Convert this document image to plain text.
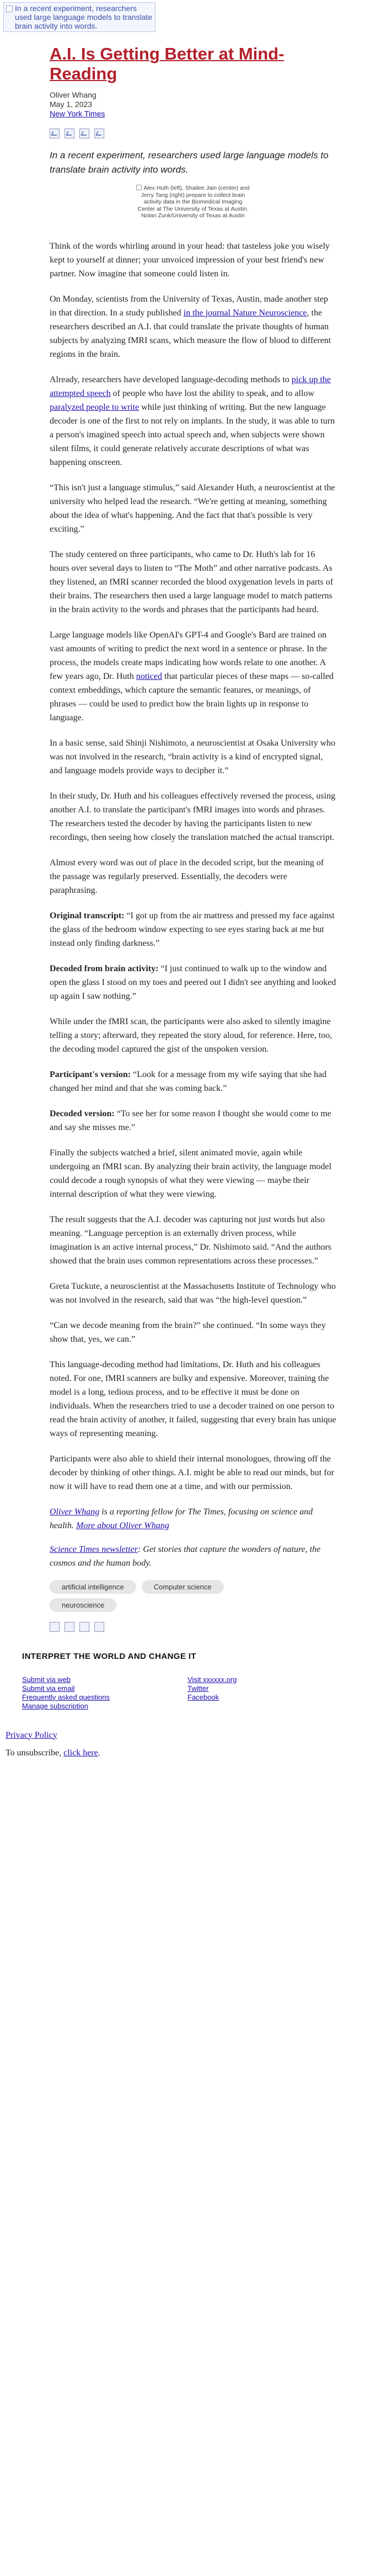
In a recent experiment, researchers used large language models to translate brain activity into words.
A.I. Is Getting Better at Mind-Reading
Oliver Whang
May 1, 2023
New York Times

In a recent experiment, researchers used large language models to translate brain activity into words.

Alex Huth (left), Shailee Jain (center) and Jerry Tang (right) prepare to collect brain activity data in the Biomedical Imaging Center at The University of Texas at Austin. Nolan Zunk/University of Texas at Austin

Think of the words whirling around in your head: that tasteless joke you wisely kept to yourself at dinner; your unvoiced impression of your best friend's new partner. Now imagine that someone could listen in.

On Monday, scientists from the University of Texas, Austin, made another step in that direction. In a study published in the journal Nature Neuroscience, the researchers described an A.I. that could translate the private thoughts of human subjects by analyzing fMRI scans, which measure the flow of blood to different regions in the brain.

Already, researchers have developed language-decoding methods to pick up the attempted speech of people who have lost the ability to speak, and to allow paralyzed people to write while just thinking of writing. But the new language decoder is one of the first to not rely on implants. In the study, it was able to turn a person's imagined speech into actual speech and, when subjects were shown silent films, it could generate relatively accurate descriptions of what was happening onscreen.

“This isn't just a language stimulus,” said Alexander Huth, a neuroscientist at the university who helped lead the research. “We're getting at meaning, something about the idea of what's happening. And the fact that that's possible is very exciting.”

The study centered on three participants, who came to Dr. Huth's lab for 16 hours over several days to listen to “The Moth” and other narrative podcasts. As they listened, an fMRI scanner recorded the blood oxygenation levels in parts of their brains. The researchers then used a large language model to match patterns in the brain activity to the words and phrases that the participants had heard.

Large language models like OpenAI's GPT-4 and Google's Bard are trained on vast amounts of writing to predict the next word in a sentence or phrase. In the process, the models create maps indicating how words relate to one another. A few years ago, Dr. Huth noticed that particular pieces of these maps — so-called context embeddings, which capture the semantic features, or meanings, of phrases — could be used to predict how the brain lights up in response to language.

In a basic sense, said Shinji Nishimoto, a neuroscientist at Osaka University who was not involved in the research, “brain activity is a kind of encrypted signal, and language models provide ways to decipher it.”

In their study, Dr. Huth and his colleagues effectively reversed the process, using another A.I. to translate the participant's fMRI images into words and phrases. The researchers tested the decoder by having the participants listen to new recordings, then seeing how closely the translation matched the actual transcript.

Almost every word was out of place in the decoded script, but the meaning of the passage was regularly preserved. Essentially, the decoders were paraphrasing.

Original transcript: “I got up from the air mattress and pressed my face against the glass of the bedroom window expecting to see eyes staring back at me but instead only finding darkness.”

Decoded from brain activity: “I just continued to walk up to the window and open the glass I stood on my toes and peered out I didn't see anything and looked up again I saw nothing.”

While under the fMRI scan, the participants were also asked to silently imagine telling a story; afterward, they repeated the story aloud, for reference. Here, too, the decoding model captured the gist of the unspoken version.

Participant's version: “Look for a message from my wife saying that she had changed her mind and that she was coming back.”

Decoded version: “To see her for some reason I thought she would come to me and say she misses me.”

Finally the subjects watched a brief, silent animated movie, again while undergoing an fMRI scan. By analyzing their brain activity, the language model could decode a rough synopsis of what they were viewing — maybe their internal description of what they were viewing.

The result suggests that the A.I. decoder was capturing not just words but also meaning. “Language perception is an externally driven process, while imagination is an active internal process,” Dr. Nishimoto said. “And the authors showed that the brain uses common representations across these processes.”

Greta Tuckute, a neuroscientist at the Massachusetts Institute of Technology who was not involved in the research, said that was “the high-level question.”

“Can we decode meaning from the brain?” she continued. “In some ways they show that, yes, we can.”

This language-decoding method had limitations, Dr. Huth and his colleagues noted. For one, fMRI scanners are bulky and expensive. Moreover, training the model is a long, tedious process, and to be effective it must be done on individuals. When the researchers tried to use a decoder trained on one person to read the brain activity of another, it failed, suggesting that every brain has unique ways of representing meaning.

Participants were also able to shield their internal monologues, throwing off the decoder by thinking of other things. A.I. might be able to read our minds, but for now it will have to read them one at a time, and with our permission.

Oliver Whang is a reporting fellow for The Times, focusing on science and health. More about Oliver Whang

Science Times newsletter: Get stories that capture the wonders of nature, the cosmos and the human body.

artificial intelligence	Computer science
neuroscience
INTERPRET THE WORLD AND CHANGE IT
Submit via web
Submit via email
Frequently asked questions
Manage subscription
Visit xxxxxx.org
Twitter
Facebook
Privacy Policy
To unsubscribe, click here.
